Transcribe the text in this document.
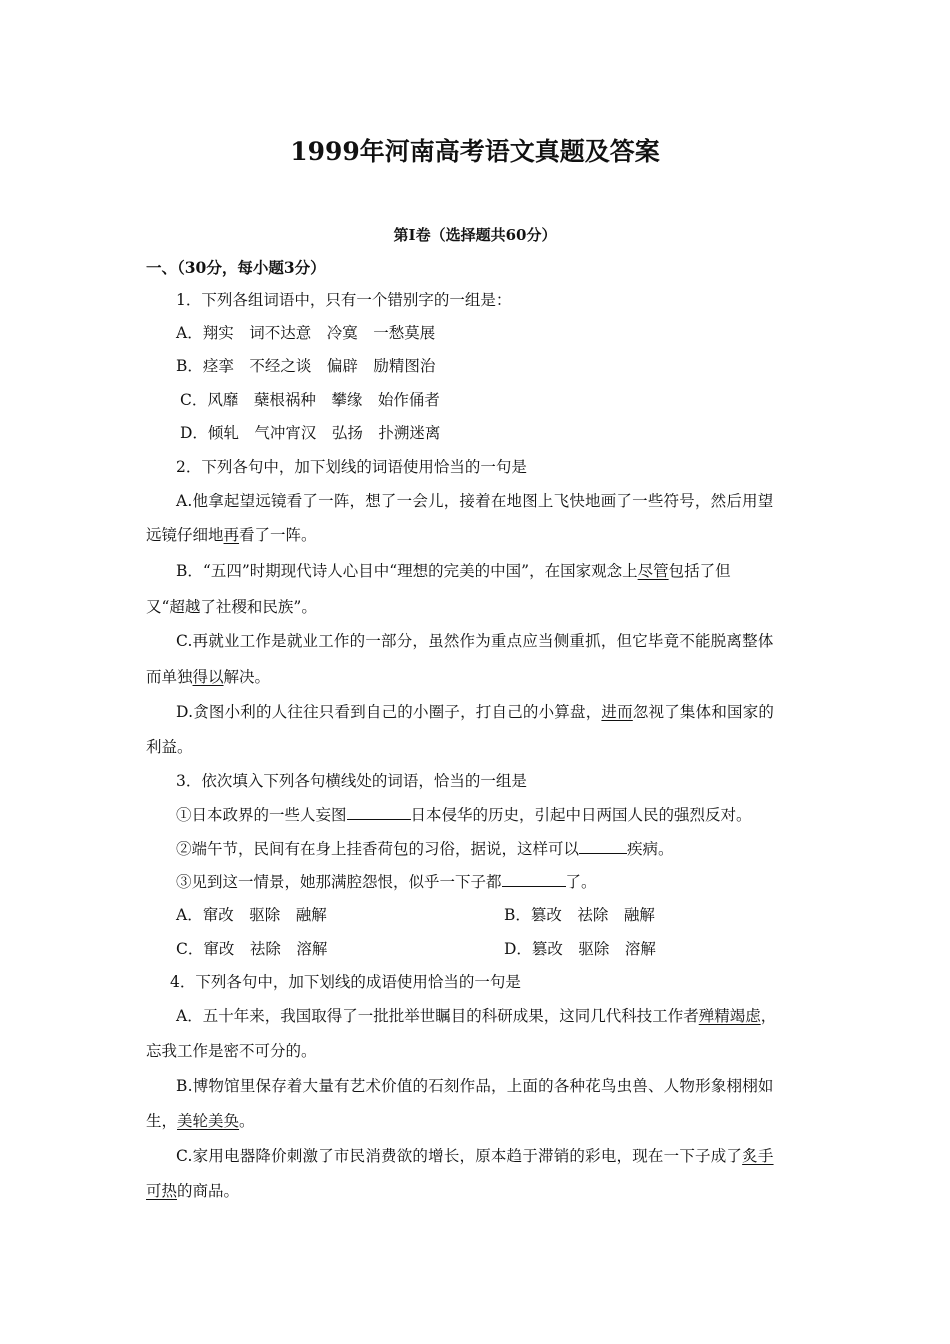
1999年河南高考语文真题及答案
第Ⅰ卷（选择题共60分）
一、（30分，每小题3分）
1．下列各组词语中，只有一个错别字的一组是：
A．翔实　词不达意　冷寞　一愁莫展
B．痉挛　不经之谈　偏辟　励精图治
C．风靡　蘖根祸种　攀缘　始作俑者
D．倾轧　气冲宵汉　弘扬　扑溯迷离
2．下列各句中，加下划线的词语使用恰当的一句是
A.他拿起望远镜看了一阵，想了一会儿，接着在地图上飞快地画了一些符号，然后用望
远镜仔细地再看了一阵。
B．“五四”时期现代诗人心目中“理想的完美的中国”，在国家观念上尽管包括了但
又“超越了社稷和民族”。
C.再就业工作是就业工作的一部分，虽然作为重点应当侧重抓，但它毕竟不能脱离整体
而单独得以解决。
D.贪图小利的人往往只看到自己的小圈子，打自己的小算盘，进而忽视了集体和国家的
利益。
3．依次填入下列各句横线处的词语，恰当的一组是
①日本政界的一些人妄图	日本侵华的历史，引起中日两国人民的强烈反对。
②端午节，民间有在身上挂香荷包的习俗，据说，这样可以	疾病。
③见到这一情景，她那满腔怨恨，似乎一下子都	了。
A．窜改　驱除　融解	B．篡改　祛除　融解
C．窜改　祛除　溶解	D．篡改　驱除　溶解
4．下列各句中，加下划线的成语使用恰当的一句是
A．五十年来，我国取得了一批批举世瞩目的科研成果，这同几代科技工作者殚精竭虑，
忘我工作是密不可分的。
B.博物馆里保存着大量有艺术价值的石刻作品，上面的各种花鸟虫兽、人物形象栩栩如
生，美轮美奂。
C.家用电器降价刺激了市民消费欲的增长，原本趋于滞销的彩电，现在一下子成了炙手
可热的商品。
